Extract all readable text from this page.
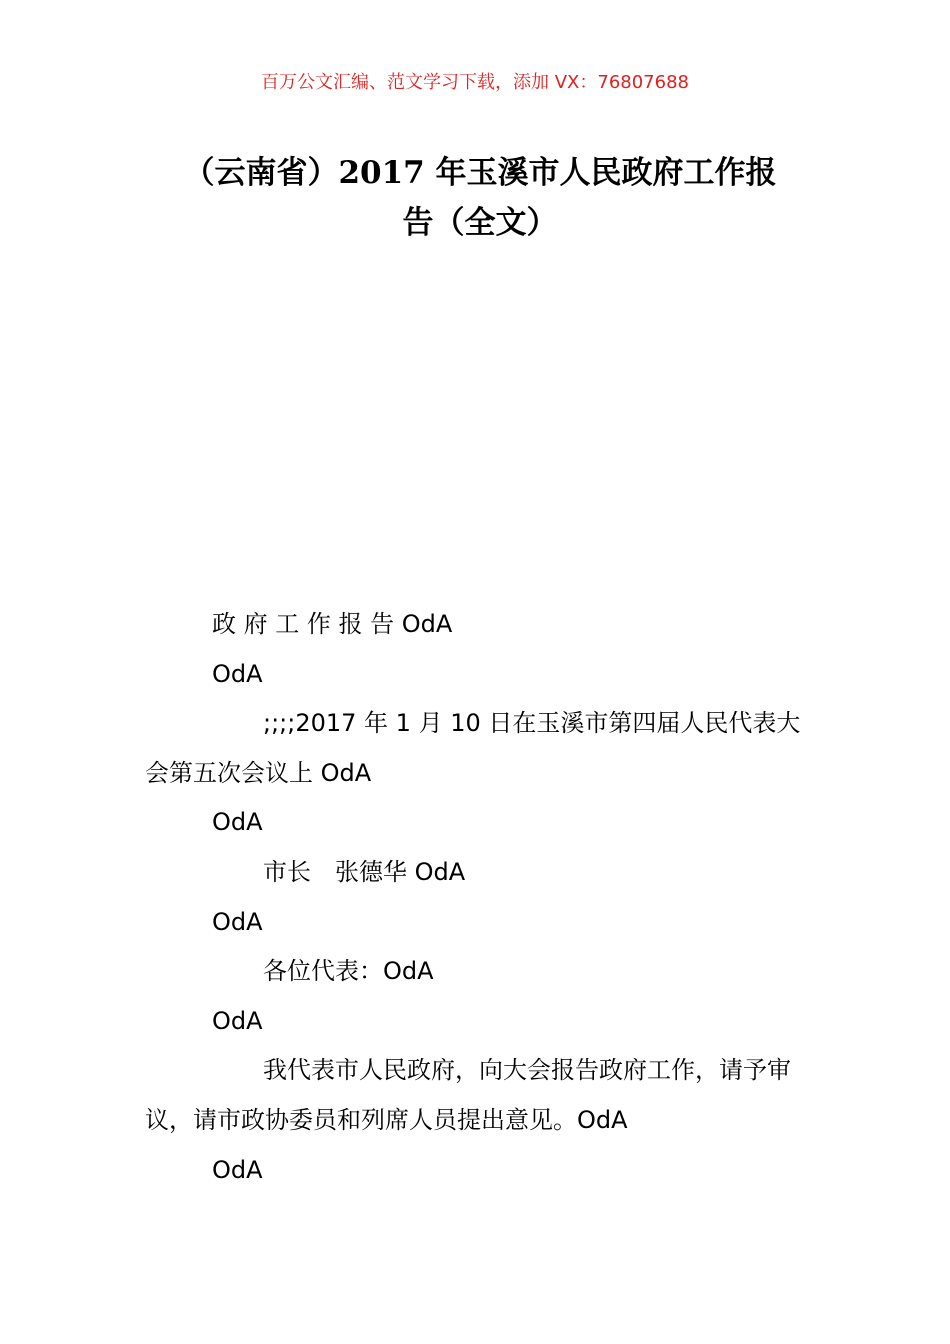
百万公文汇编、范文学习下载，添加 VX：76807688
（云南省）2017 年玉溪市人民政府工作报
告（全文）

政 府 工 作 报 告 OdA

OdA

;;;;2017 年 1 月 10 日在玉溪市第四届人民代表大会第五次会议上 OdA

OdA

市长　张德华 OdA

OdA

各位代表：OdA

OdA

我代表市人民政府，向大会报告政府工作，请予审议，请市政协委员和列席人员提出意见。OdA

OdA
